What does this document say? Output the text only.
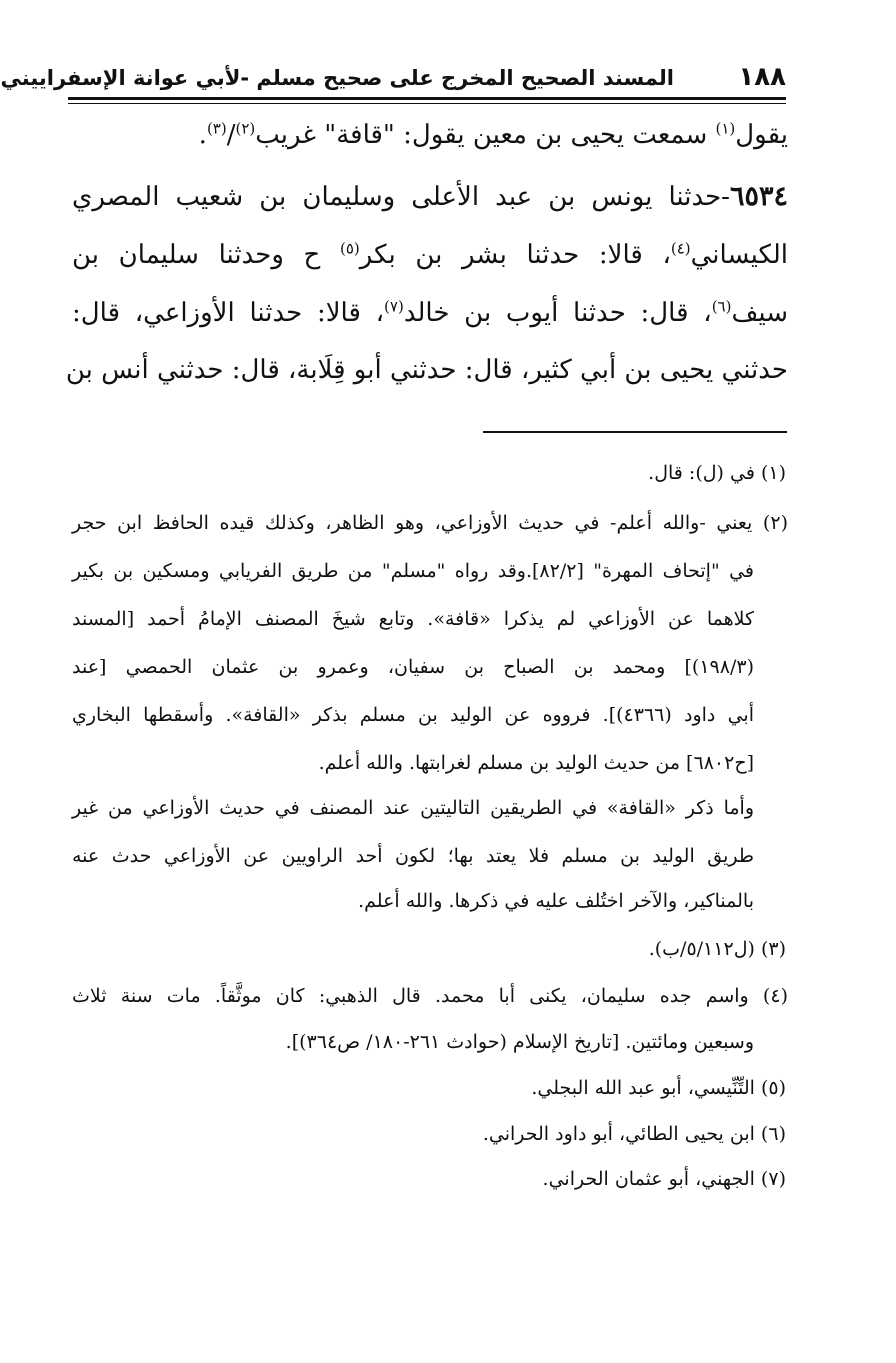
١٨٨
المسند الصحيح المخرج على صحيح مسلم -لأبي عوانة الإسفراييني
يقول$^{(١)}$ سمعت يحيى بن معين يقول: "قافة" غريب$^{(٢)}$/$^{(٣)}$.
٦٥٣٤-حدثنا يونس بن عبد الأعلى وسليمان بن شعيب المصري
الكيساني$^{(٤)}$، قالا: حدثنا بشر بن بكر$^{(٥)}$ ح وحدثنا سليمان بن
سيف$^{(٦)}$، قال: حدثنا أيوب بن خالد$^{(٧)}$، قالا: حدثنا الأوزاعي، قال:
حدثني يحيى بن أبي كثير، قال: حدثني أبو قِلَابة، قال: حدثني أنس بن
(١) في (ل): قال.
(٢) يعني -والله أعلم- في حديث الأوزاعي، وهو الظاهر، وكذلك قيده الحافظ ابن حجر
في "إتحاف المهرة" [٨٢/٢].وقد رواه "مسلم" من طريق الفريابي ومسكين بن بكير
كلاهما عن الأوزاعي لم يذكرا «قافة». وتابع شيخَ المصنف الإمامُ أحمد [المسند
(١٩٨/٣)] ومحمد بن الصباح بن سفيان، وعمرو بن عثمان الحمصي [عند
أبي داود (٤٣٦٦)]. فرووه عن الوليد بن مسلم بذكر «القافة». وأسقطها البخاري
[ح٦٨٠٢] من حديث الوليد بن مسلم لغرابتها. والله أعلم.
وأما ذكر «القافة» في الطريقين التاليتين عند المصنف في حديث الأوزاعي من غير
طريق الوليد بن مسلم فلا يعتد بها؛ لكون أحد الراويين عن الأوزاعي حدث عنه
بالمناكير، والآخر اختُلف عليه في ذكرها. والله أعلم.
(٣) (ل٥/١١٢/ب).
(٤) واسم جده سليمان، يكنى أبا محمد. قال الذهبي: كان موثَّقاً. مات سنة ثلاث
وسبعين ومائتين. [تاريخ الإسلام (حوادث ٢٦١-١٨٠/ ص٣٦٤)].
(٥) التِّنِّيسي، أبو عبد الله البجلي.
(٦) ابن يحيى الطائي، أبو داود الحراني.
(٧) الجهني، أبو عثمان الحراني.
